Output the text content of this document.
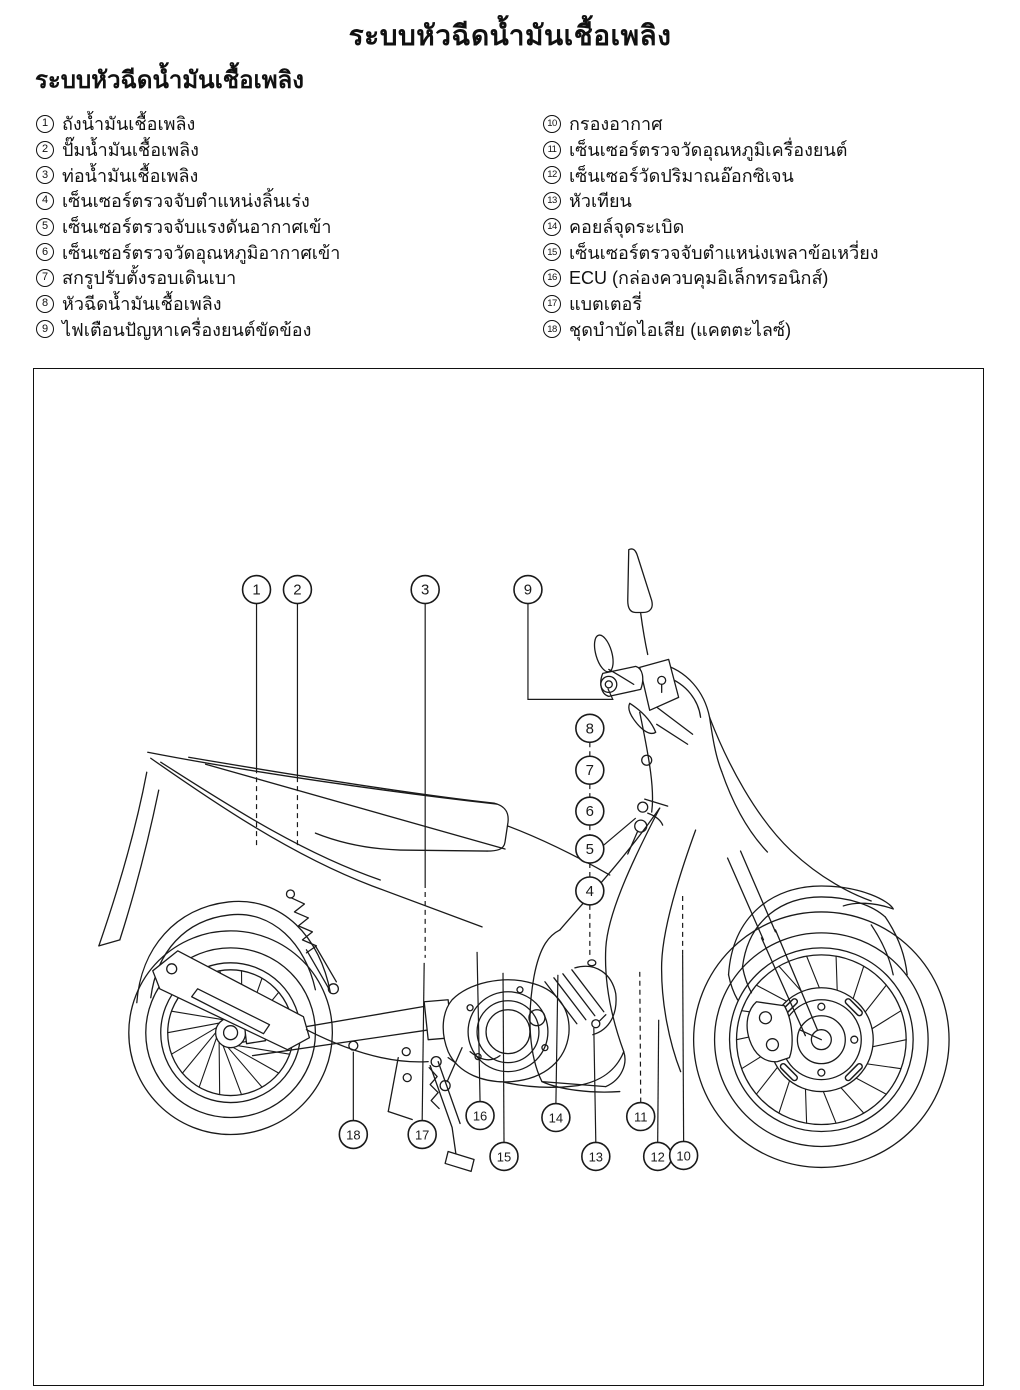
ระบบหัวฉีดน้ำมันเชื้อเพลิง
ระบบหัวฉีดน้ำมันเชื้อเพลิง
1 ถังน้ำมันเชื้อเพลิง
2 ปั๊มน้ำมันเชื้อเพลิง
3 ท่อน้ำมันเชื้อเพลิง
4 เซ็นเซอร์ตรวจจับตำแหน่งลิ้นเร่ง
5 เซ็นเซอร์ตรวจจับแรงดันอากาศเข้า
6 เซ็นเซอร์ตรวจวัดอุณหภูมิอากาศเข้า
7 สกรูปรับตั้งรอบเดินเบา
8 หัวฉีดน้ำมันเชื้อเพลิง
9 ไฟเตือนปัญหาเครื่องยนต์ขัดข้อง
10 กรองอากาศ
11 เซ็นเซอร์ตรวจวัดอุณหภูมิเครื่องยนต์
12 เซ็นเซอร์วัดปริมาณอ๊อกซิเจน
13 หัวเทียน
14 คอยล์จุดระเบิด
15 เซ็นเซอร์ตรวจจับตำแหน่งเพลาข้อเหวี่ยง
16 ECU (กล่องควบคุมอิเล็กทรอนิกส์)
17 แบตเตอรี่
18 ชุดบำบัดไอเสีย (แคตตะไลซ์)
1 2	3	9
8
7
6
5
4
18	17
16
15
14
13
11
12 10
